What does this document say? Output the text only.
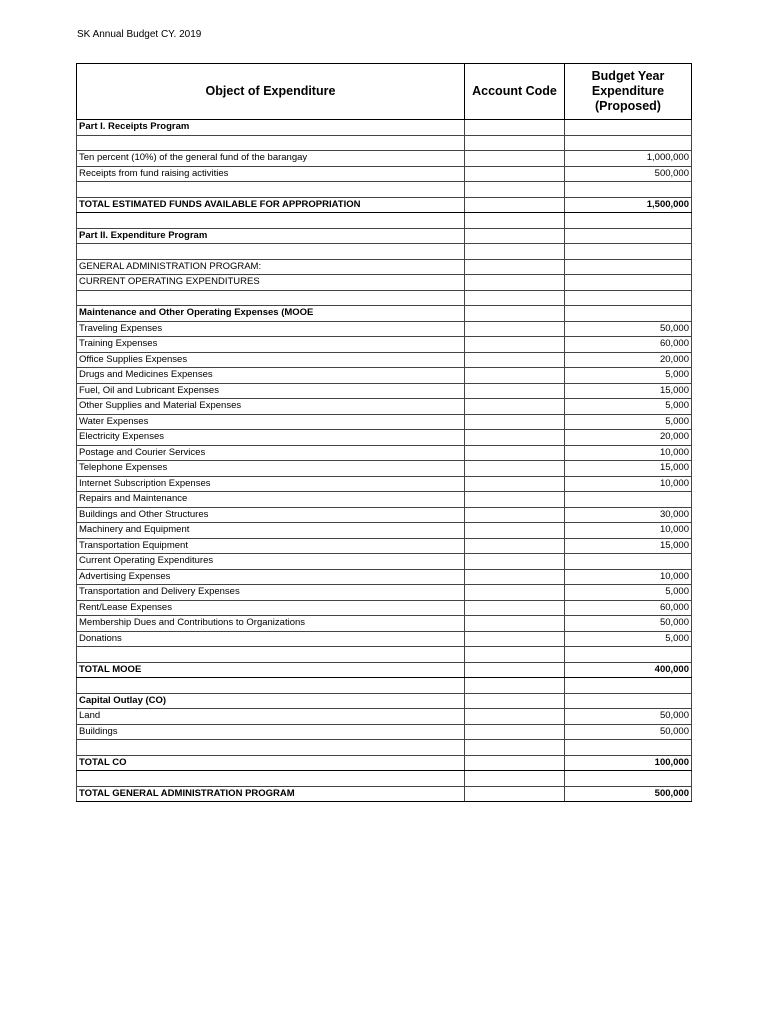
SK Annual Budget CY. 2019
Object of Expenditure	Account Code	Budget Year Expenditure (Proposed)
Part I. Receipts Program		

Ten percent (10%) of the general fund of the barangay		1,000,000
Receipts from fund raising activities		500,000

TOTAL ESTIMATED FUNDS AVAILABLE FOR APPROPRIATION		1,500,000

Part II. Expenditure Program		

GENERAL ADMINISTRATION PROGRAM:		
CURRENT OPERATING EXPENDITURES		

Maintenance and Other Operating Expenses (MOOE		
Traveling Expenses		50,000
Training Expenses		60,000
Office Supplies Expenses		20,000
Drugs and Medicines Expenses		5,000
Fuel, Oil and Lubricant Expenses		15,000
Other Supplies and Material Expenses		5,000
Water Expenses		5,000
Electricity Expenses		20,000
Postage and Courier Services		10,000
Telephone Expenses		15,000
Internet Subscription Expenses		10,000
Repairs and Maintenance		
Buildings and Other Structures		30,000
Machinery and Equipment		10,000
Transportation Equipment		15,000
Current Operating Expenditures		
Advertising Expenses		10,000
Transportation and Delivery Expenses		5,000
Rent/Lease Expenses		60,000
Membership Dues and Contributions to Organizations		50,000
Donations		5,000

TOTAL MOOE		400,000

Capital Outlay (CO)		
Land		50,000
Buildings		50,000

TOTAL CO		100,000

TOTAL GENERAL ADMINISTRATION PROGRAM		500,000
